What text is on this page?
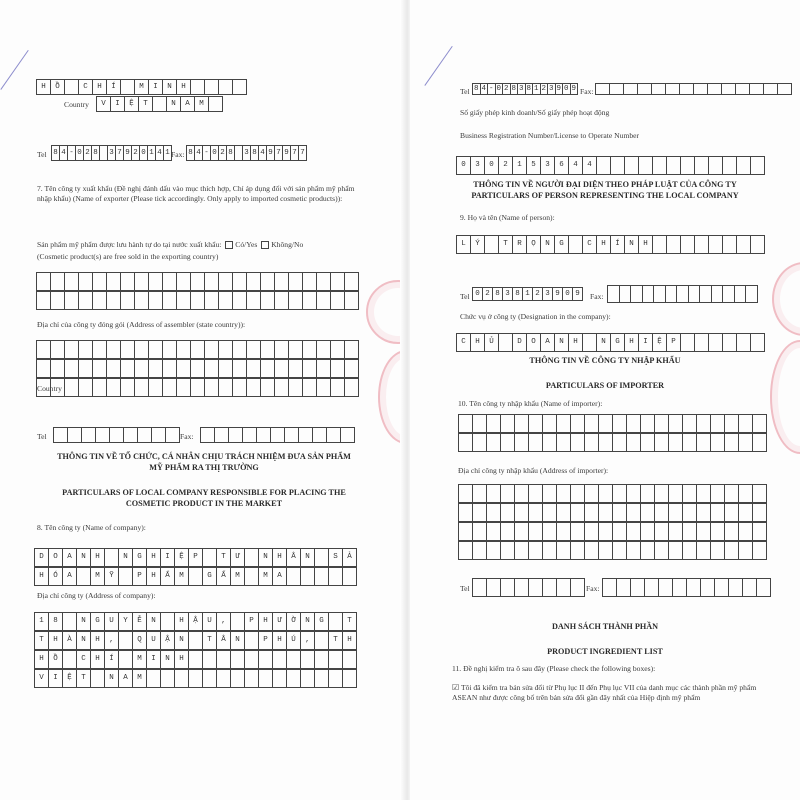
H	Ồ	C	H	Í	M	I	N	H
Country	V	I	Ệ	T	N	A	M
Tel 8 4 - 0 2 8	3 7 9 2 0 1 4 1 Fax: 8 4 - 0 2 8	3 8 4 9 7 9 7 7
7. Tên công ty xuất khẩu (Đề nghị đánh dấu vào mục thích hợp, Chỉ áp dụng đối với sản phẩm mỹ phẩm nhập khẩu) (Name of exporter (Please tick accordingly. Only apply to imported cosmetic products)):
Sản phẩm mỹ phẩm được lưu hành tự do tại nước xuất khẩu: Có/Yes Không/No
(Cosmetic product(s) are free sold in the exporting country)
Địa chỉ của công ty đóng gói (Address of assembler (state country)):
Country
Tel	Fax:
THÔNG TIN VỀ TỔ CHỨC, CÁ NHÂN CHỊU TRÁCH NHIỆM ĐƯA SẢN PHẨM
MỸ PHẨM RA THỊ TRƯỜNG
PARTICULARS OF LOCAL COMPANY RESPONSIBLE FOR PLACING THE
COSMETIC PRODUCT IN THE MARKET
8. Tên công ty (Name of company):
D	O	A	N	H	N	G	H	I	Ệ	P	T	Ư	N	H	Â	N	S	Ả
H	Ó	A	M	Ỹ	P	H	Ẩ	M	G	Ấ	M	M	A
Địa chỉ công ty (Address of company):
1	8	N	G	U	Y	Ễ	N	H	Ậ	U	,	P	H	Ư	Ờ	N	G	T
T	H	À	N	H	,	Q	U	Ậ	N	T	Â	N	P	H	Ú	,	T	H
H	Ồ	C	H	Í	M	I	N	H
V	I	Ệ	T	N	A	M
Tel 8 4 - 0 2 8 3 8 1 2 3 9 0 9 Fax:
Số giấy phép kinh doanh/Số giấy phép hoạt động
Business Registration Number/License to Operate Number
0	3	0	2	1	5	3	6	4	4
THÔNG TIN VỀ NGƯỜI ĐẠI DIỆN THEO PHÁP LUẬT CỦA CÔNG TY
PARTICULARS OF PERSON REPRESENTING THE LOCAL COMPANY
9. Họ và tên (Name of person):
L	Ý	T	R	Ọ	N	G	C	H	Í	N	H
Tel 0 2 8 3 8 1 2 3 9 0 9	Fax:
Chức vụ ở công ty (Designation in the company):
C	H	Ủ	D	O	A	N	H	N	G	H	I	Ệ	P
THÔNG TIN VỀ CÔNG TY NHẬP KHẨU
PARTICULARS OF IMPORTER
10. Tên công ty nhập khẩu (Name of importer):
Địa chỉ công ty nhập khẩu (Address of importer):
Tel	Fax:
DANH SÁCH THÀNH PHẦN
PRODUCT INGREDIENT LIST
11. Đề nghị kiểm tra ô sau đây (Please check the following boxes):
☑ Tôi đã kiểm tra bản sửa đổi từ Phụ lục II đến Phụ lục VII của danh mục các thành phần mỹ phẩm ASEAN như được công bố trên bản sửa đổi gần đây nhất của Hiệp định mỹ phẩm
